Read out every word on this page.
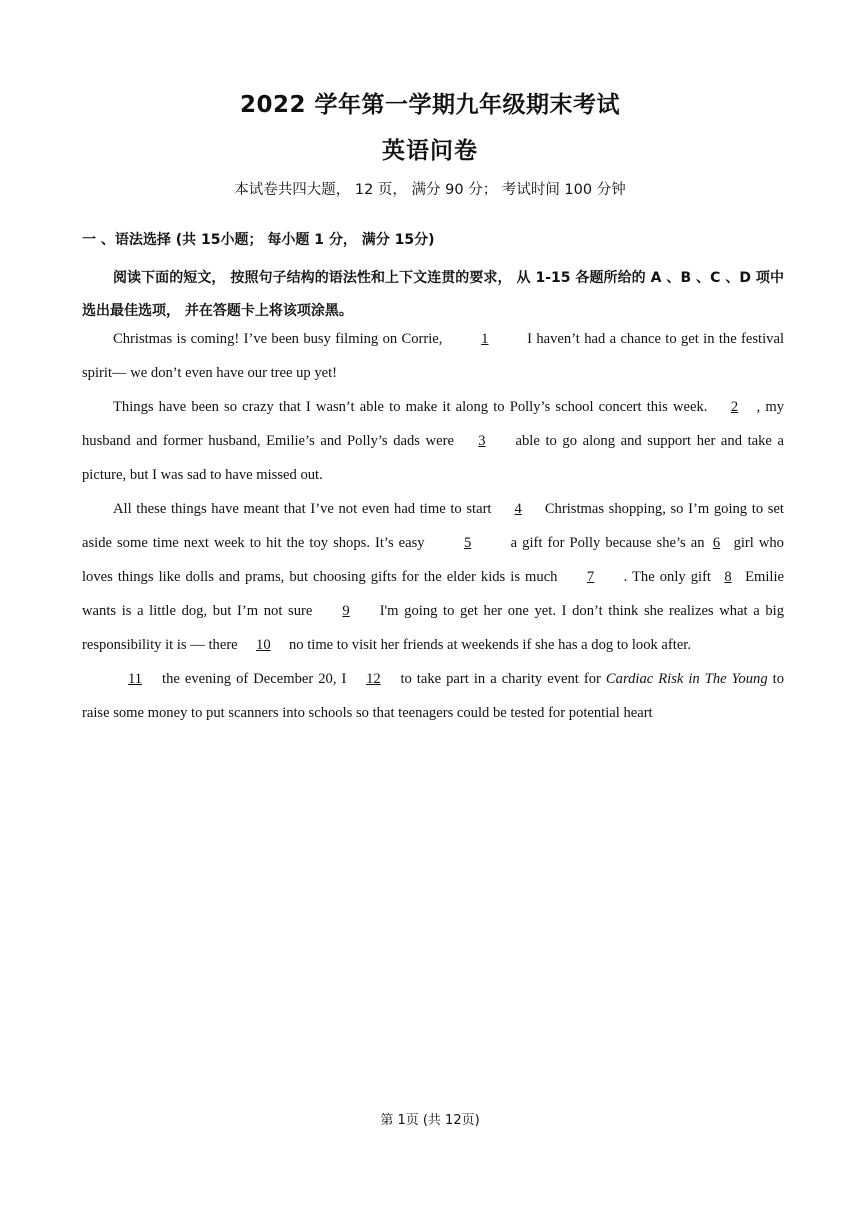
2022 学年第一学期九年级期末考试
英语问卷
本试卷共四大题， 12 页， 满分 90 分； 考试时间 100 分钟
一 、语法选择 (共 15小题； 每小题 1 分， 满分 15分)
阅读下面的短文， 按照句子结构的语法性和上下文连贯的要求， 从 1-15 各题所给的 A 、B 、C 、D 项中选出最佳选项， 并在答题卡上将该项涂黑。

Christmas is coming! I’ve been busy filming on Corrie,	1	I haven’t had a chance to get in the festival spirit— we don’t even have our tree up yet!

Things have been so crazy that I wasn’t able to make it along to Polly’s school concert this week. 2 , my husband and former husband, Emilie’s and Polly’s dads were 3 able to go along and support her and take a picture, but I was sad to have missed out.

All these things have meant that I’ve not even had time to start 4 Christmas shopping, so I’m going to set aside some time next week to hit the toy shops. It’s easy	5	a gift for Polly because she’s an 6 girl who loves things like dolls and prams, but choosing gifts for the elder kids is much 7 . The only gift 8 Emilie wants is a little dog, but I’m not sure 9 I'm going to get her one yet. I don’t think she realizes what a big responsibility it is — there 10 no time to visit her friends at weekends if she has a dog to look after.

11 the evening of December 20, I 12 to take part in a charity event for Cardiac Risk in The Young to raise some money to put scanners into schools so that teenagers could be tested for potential heart

第 1页 (共 12页)
